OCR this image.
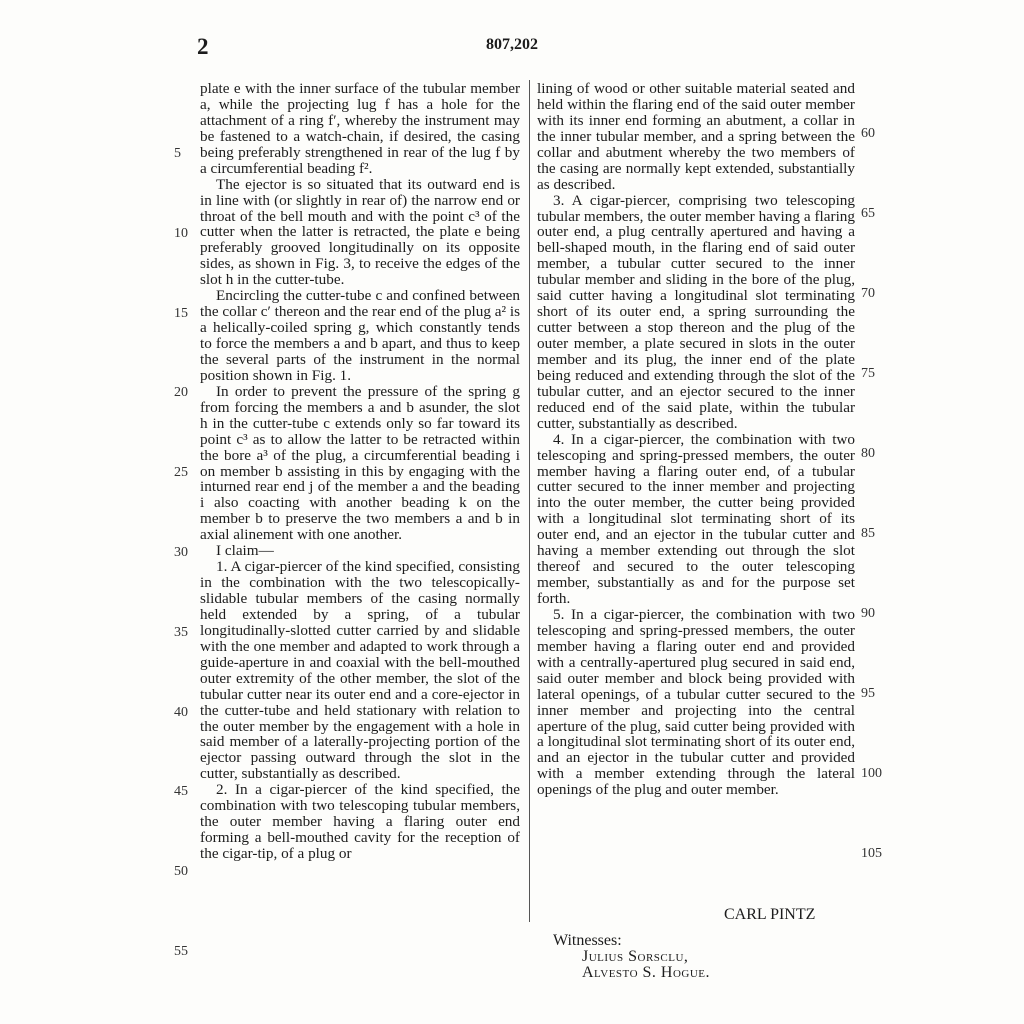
2	807,202

plate e with the inner surface of the tubular member a, while the projecting lug f has a hole for the attachment of a ring f′, whereby the instrument may be fastened to a watch-chain, if desired, the casing being preferably strengthened in rear of the lug f by a circumferential beading f².

The ejector is so situated that its outward end is in line with (or slightly in rear of) the narrow end or throat of the bell mouth and with the point c³ of the cutter when the latter is retracted, the plate e being preferably grooved longitudinally on its opposite sides, as shown in Fig. 3, to receive the edges of the slot h in the cutter-tube.

Encircling the cutter-tube c and confined between the collar c′ thereon and the rear end of the plug a² is a helically-coiled spring g, which constantly tends to force the members a and b apart, and thus to keep the several parts of the instrument in the normal position shown in Fig. 1.

In order to prevent the pressure of the spring g from forcing the members a and b asunder, the slot h in the cutter-tube c extends only so far toward its point c³ as to allow the latter to be retracted within the bore a³ of the plug, a circumferential beading i on member b assisting in this by engaging with the inturned rear end j of the member a and the beading i also coacting with another beading k on the member b to preserve the two members a and b in axial alinement with one another.

I claim—

1. A cigar-piercer of the kind specified, consisting in the combination with the two telescopically-slidable tubular members of the casing normally held extended by a spring, of a tubular longitudinally-slotted cutter carried by and slidable with the one member and adapted to work through a guide-aperture in and coaxial with the bell-mouthed outer extremity of the other member, the slot of the tubular cutter near its outer end and a core-ejector in the cutter-tube and held stationary with relation to the outer member by the engagement with a hole in said member of a laterally-projecting portion of the ejector passing outward through the slot in the cutter, substantially as described.

2. In a cigar-piercer of the kind specified, the combination with two telescoping tubular members, the outer member having a flaring outer end forming a bell-mouthed cavity for the reception of the cigar-tip, of a plug or

lining of wood or other suitable material seated and held within the flaring end of the said outer member with its inner end forming an abutment, a collar in the inner tubular member, and a spring between the collar and abutment whereby the two members of the casing are normally kept extended, substantially as described.

3. A cigar-piercer, comprising two telescoping tubular members, the outer member having a flaring outer end, a plug centrally apertured and having a bell-shaped mouth, in the flaring end of said outer member, a tubular cutter secured to the inner tubular member and sliding in the bore of the plug, said cutter having a longitudinal slot terminating short of its outer end, a spring surrounding the cutter between a stop thereon and the plug of the outer member, a plate secured in slots in the outer member and its plug, the inner end of the plate being reduced and extending through the slot of the tubular cutter, and an ejector secured to the inner reduced end of the said plate, within the tubular cutter, substantially as described.

4. In a cigar-piercer, the combination with two telescoping and spring-pressed members, the outer member having a flaring outer end, of a tubular cutter secured to the inner member and projecting into the outer member, the cutter being provided with a longitudinal slot terminating short of its outer end, and an ejector in the tubular cutter and having a member extending out through the slot thereof and secured to the outer telescoping member, substantially as and for the purpose set forth.

5. In a cigar-piercer, the combination with two telescoping and spring-pressed members, the outer member having a flaring outer end and provided with a centrally-apertured plug secured in said end, said outer member and block being provided with lateral openings, of a tubular cutter secured to the inner member and projecting into the central aperture of the plug, said cutter being provided with a longitudinal slot terminating short of its outer end, and an ejector in the tubular cutter and provided with a member extending through the lateral openings of the plug and outer member.

5
10
15
20
25
30
35
40
45
50
55
60
65
70
75
80
85
90
95
100
105
CARL PINTZ
Witnesses:
Julius Sorsclu,
Alvesto S. Hogue.
